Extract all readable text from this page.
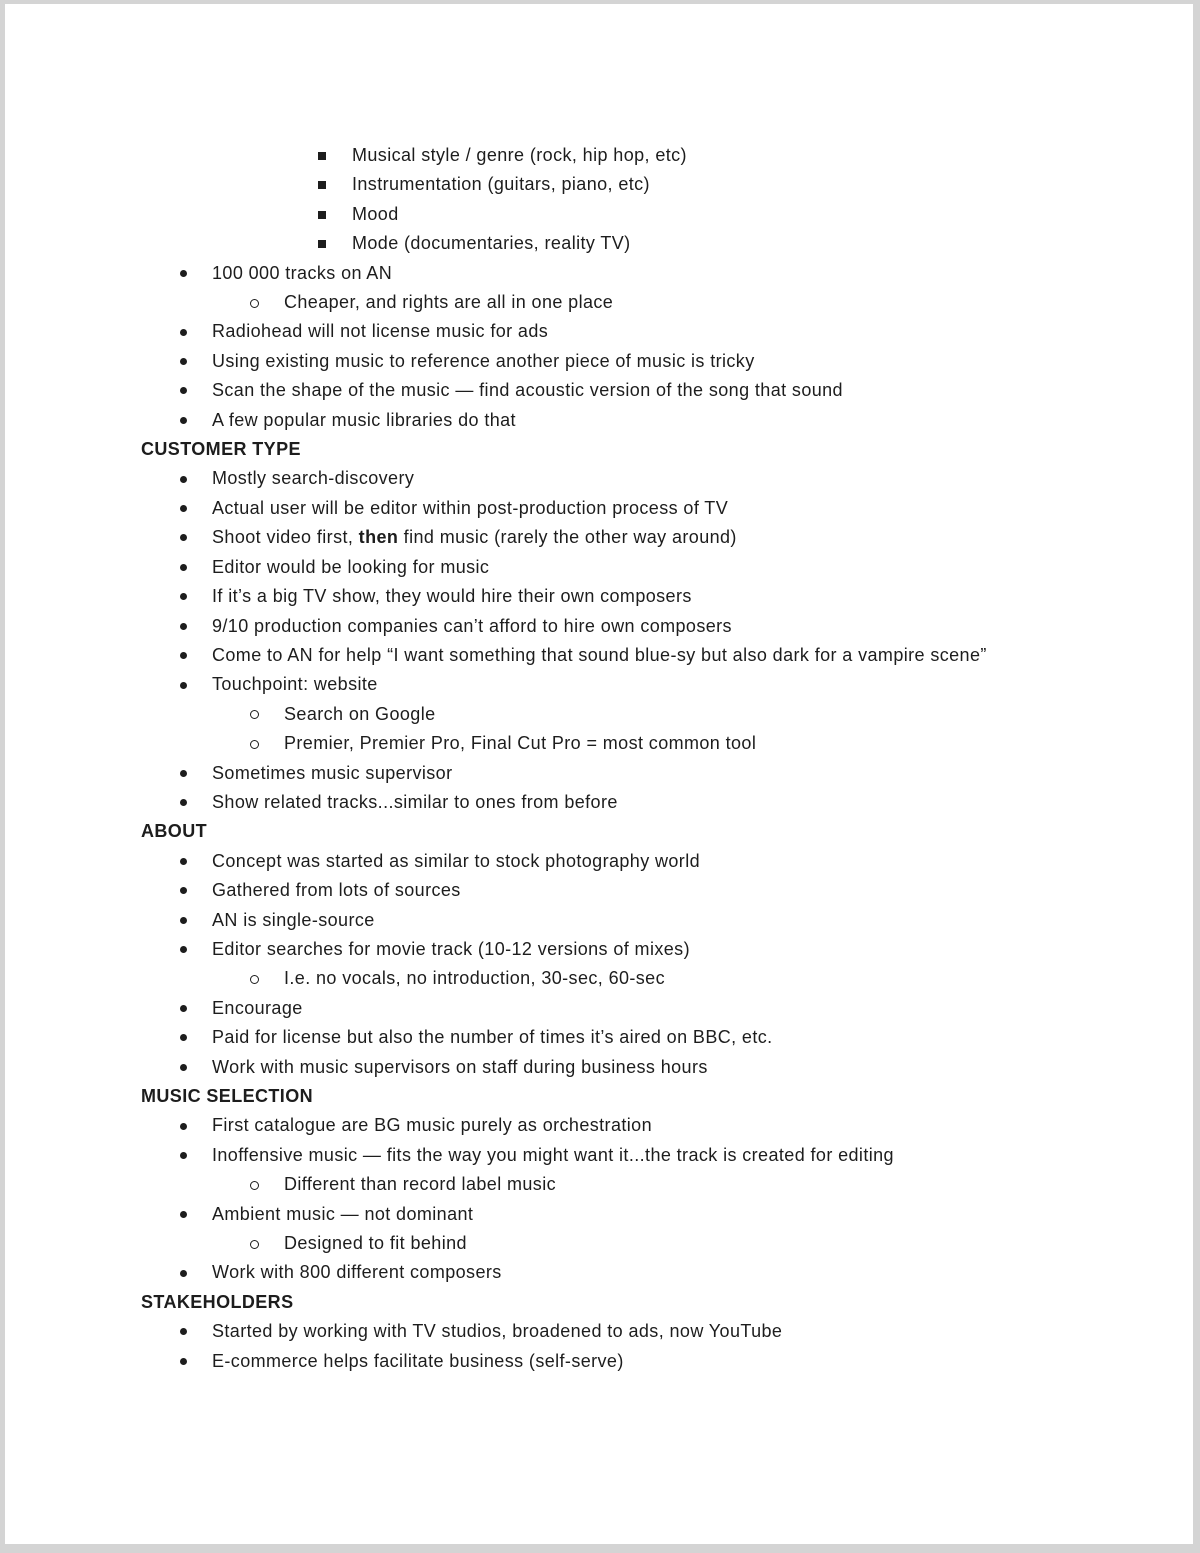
Musical style / genre (rock, hip hop, etc)
Instrumentation (guitars, piano, etc)
Mood
Mode (documentaries, reality TV)
100 000 tracks on AN
Cheaper, and rights are all in one place
Radiohead will not license music for ads
Using existing music to reference another piece of music is tricky
Scan the shape of the music — find acoustic version of the song that sound
A few popular music libraries do that
CUSTOMER TYPE
Mostly search-discovery
Actual user will be editor within post-production process of TV
Shoot video first, then find music (rarely the other way around)
Editor would be looking for music
If it’s a big TV show, they would hire their own composers
9/10 production companies can’t afford to hire own composers
Come to AN for help “I want something that sound blue-sy but also dark for a vampire scene”
Touchpoint: website
Search on Google
Premier, Premier Pro, Final Cut Pro = most common tool
Sometimes music supervisor
Show related tracks...similar to ones from before
ABOUT
Concept was started as similar to stock photography world
Gathered from lots of sources
AN is single-source
Editor searches for movie track (10-12 versions of mixes)
I.e. no vocals, no introduction, 30-sec, 60-sec
Encourage
Paid for license but also the number of times it’s aired on BBC, etc.
Work with music supervisors on staff during business hours
MUSIC SELECTION
First catalogue are BG music purely as orchestration
Inoffensive music — fits the way you might want it...the track is created for editing
Different than record label music
Ambient music — not dominant
Designed to fit behind
Work with 800 different composers
STAKEHOLDERS
Started by working with TV studios, broadened to ads, now YouTube
E-commerce helps facilitate business (self-serve)
